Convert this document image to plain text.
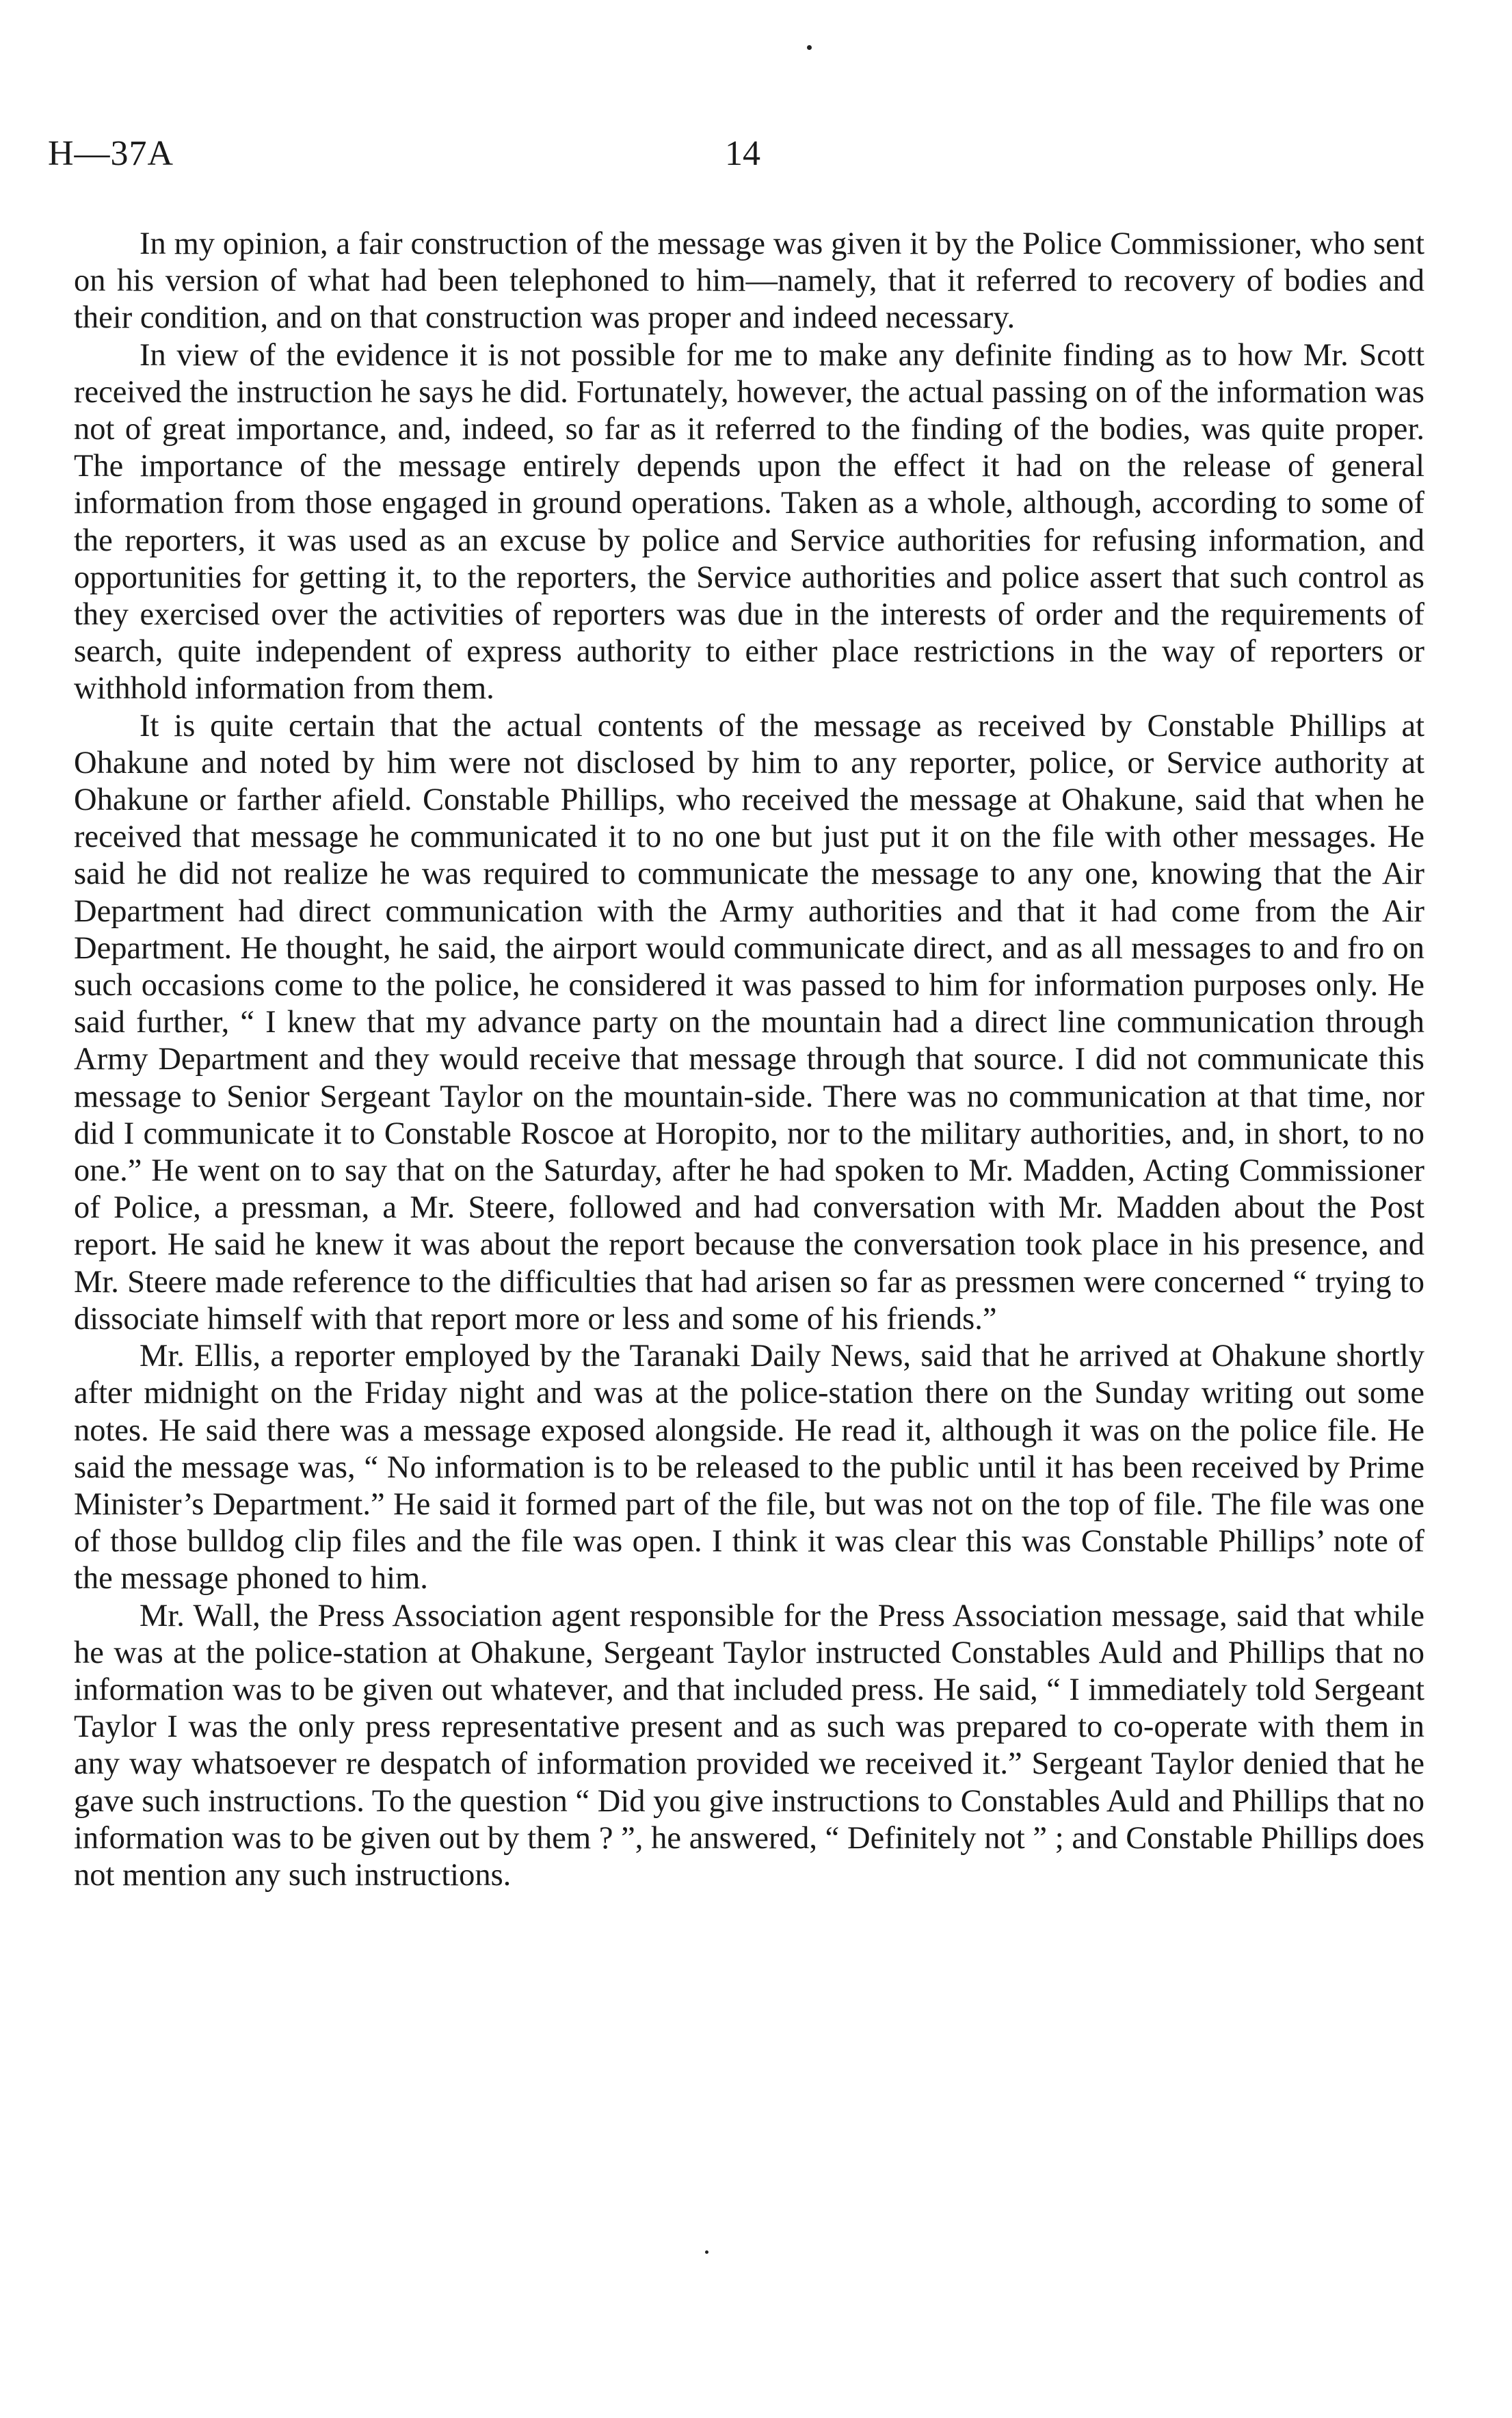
H—37A	14

In my opinion, a fair construction of the message was given it by the Police Commissioner, who sent on his version of what had been telephoned to him—namely, that it referred to recovery of bodies and their condition, and on that construction was proper and indeed necessary.

In view of the evidence it is not possible for me to make any definite finding as to how Mr. Scott received the instruction he says he did. Fortunately, however, the actual passing on of the information was not of great importance, and, indeed, so far as it referred to the finding of the bodies, was quite proper. The importance of the message entirely depends upon the effect it had on the release of general information from those engaged in ground operations. Taken as a whole, although, according to some of the reporters, it was used as an excuse by police and Service authorities for refusing information, and opportunities for getting it, to the reporters, the Service authorities and police assert that such control as they exercised over the activities of reporters was due in the interests of order and the requirements of search, quite independent of express authority to either place restrictions in the way of reporters or withhold information from them.

It is quite certain that the actual contents of the message as received by Constable Phillips at Ohakune and noted by him were not disclosed by him to any reporter, police, or Service authority at Ohakune or farther afield. Constable Phillips, who received the message at Ohakune, said that when he received that message he communicated it to no one but just put it on the file with other messages. He said he did not realize he was required to communicate the message to any one, knowing that the Air Department had direct communication with the Army authorities and that it had come from the Air Department. He thought, he said, the airport would communicate direct, and as all messages to and fro on such occasions come to the police, he considered it was passed to him for information purposes only. He said further, “ I knew that my advance party on the mountain had a direct line communication through Army Department and they would receive that message through that source. I did not communicate this message to Senior Sergeant Taylor on the mountain-side. There was no communication at that time, nor did I communicate it to Constable Roscoe at Horopito, nor to the military authorities, and, in short, to no one.” He went on to say that on the Saturday, after he had spoken to Mr. Madden, Acting Commissioner of Police, a pressman, a Mr. Steere, followed and had conversation with Mr. Madden about the Post report. He said he knew it was about the report because the conversation took place in his presence, and Mr. Steere made reference to the difficulties that had arisen so far as pressmen were concerned “ trying to dissociate himself with that report more or less and some of his friends.”

Mr. Ellis, a reporter employed by the Taranaki Daily News, said that he arrived at Ohakune shortly after midnight on the Friday night and was at the police-station there on the Sunday writing out some notes. He said there was a message exposed alongside. He read it, although it was on the police file. He said the message was, “ No information is to be released to the public until it has been received by Prime Minister’s Department.” He said it formed part of the file, but was not on the top of file. The file was one of those bulldog clip files and the file was open. I think it was clear this was Constable Phillips’ note of the message phoned to him.

Mr. Wall, the Press Association agent responsible for the Press Association message, said that while he was at the police-station at Ohakune, Sergeant Taylor instructed Constables Auld and Phillips that no information was to be given out whatever, and that included press. He said, “ I immediately told Sergeant Taylor I was the only press representative present and as such was prepared to co-operate with them in any way whatsoever re despatch of information provided we received it.” Sergeant Taylor denied that he gave such instructions. To the question “ Did you give instructions to Constables Auld and Phillips that no information was to be given out by them ? ”, he answered, “ Definitely not ” ; and Constable Phillips does not mention any such instructions.
